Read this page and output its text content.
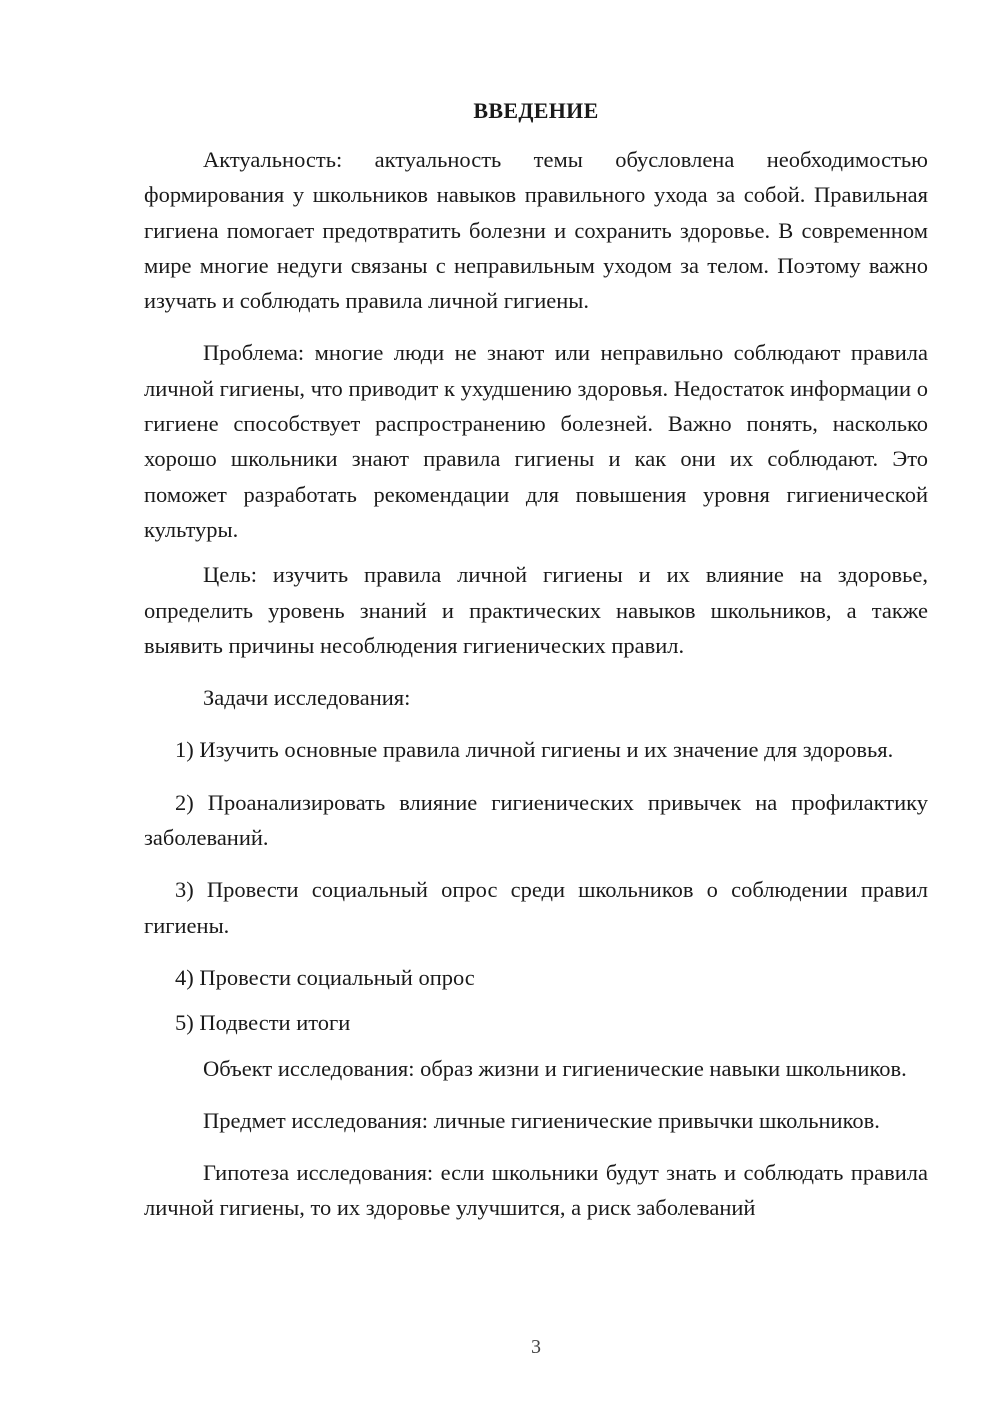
ВВЕДЕНИЕ

Актуальность: актуальность темы обусловлена необходимостью формирования у школьников навыков правильного ухода за собой. Правильная гигиена помогает предотвратить болезни и сохранить здоровье. В современном мире многие недуги связаны с неправильным уходом за телом. Поэтому важно изучать и соблюдать правила личной гигиены.

Проблема: многие люди не знают или неправильно соблюдают правила личной гигиены, что приводит к ухудшению здоровья. Недостаток информации о гигиене способствует распространению болезней. Важно понять, насколько хорошо школьники знают правила гигиены и как они их соблюдают. Это поможет разработать рекомендации для повышения уровня гигиенической культуры.

Цель: изучить правила личной гигиены и их влияние на здоровье, определить уровень знаний и практических навыков школьников, а также выявить причины несоблюдения гигиенических правил.

Задачи исследования:

1) Изучить основные правила личной гигиены и их значение для здоровья.

2) Проанализировать влияние гигиенических привычек на профилактику заболеваний.

3) Провести социальный опрос среди школьников о соблюдении правил гигиены.

4) Провести социальный опрос

5) Подвести итоги

Объект исследования: образ жизни и гигиенические навыки школьников.

Предмет исследования: личные гигиенические привычки школьников.

Гипотеза исследования: если школьники будут знать и соблюдать правила личной гигиены, то их здоровье улучшится, а риск заболеваний

3
